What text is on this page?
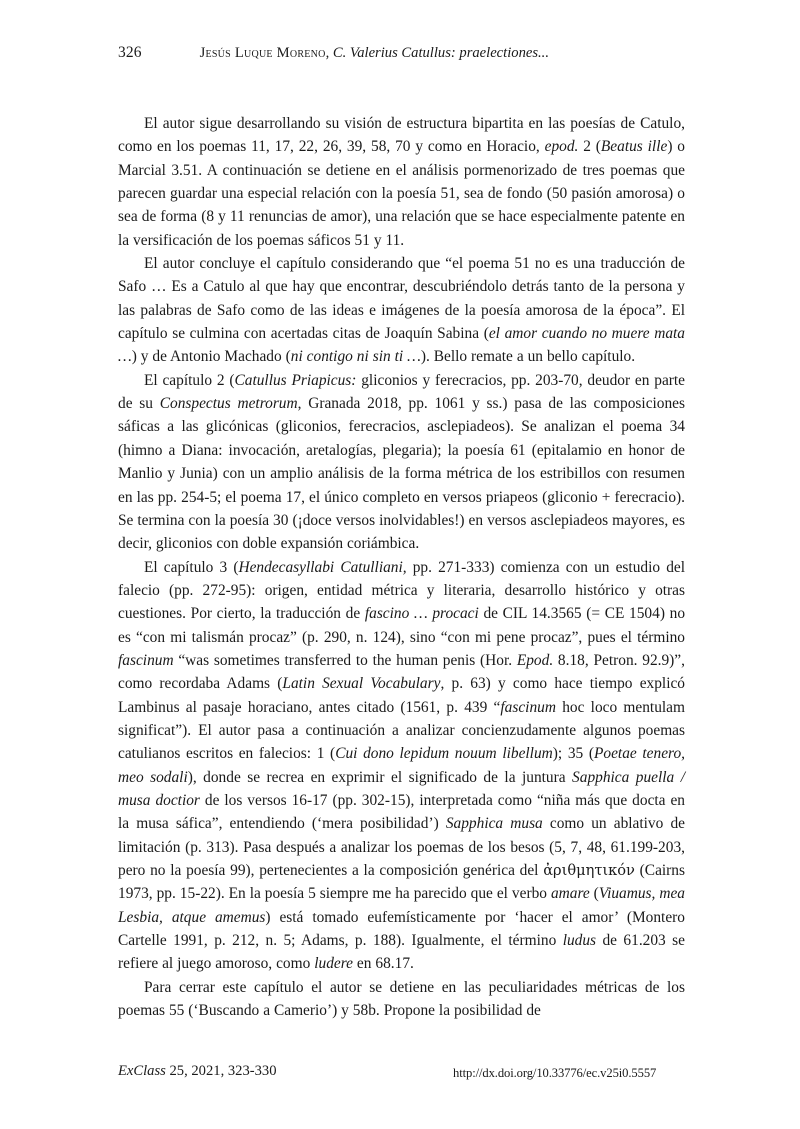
326	Jesús Luque Moreno, C. Valerius Catullus: praelectiones...

El autor sigue desarrollando su visión de estructura bipartita en las poesías de Catulo, como en los poemas 11, 17, 22, 26, 39, 58, 70 y como en Horacio, epod. 2 (Beatus ille) o Marcial 3.51. A continuación se detiene en el análisis pormenorizado de tres poemas que parecen guardar una especial relación con la poesía 51, sea de fondo (50 pasión amorosa) o sea de forma (8 y 11 renuncias de amor), una relación que se hace especialmente patente en la versificación de los poemas sáficos 51 y 11.

El autor concluye el capítulo considerando que “el poema 51 no es una traducción de Safo … Es a Catulo al que hay que encontrar, descubriéndolo detrás tanto de la persona y las palabras de Safo como de las ideas e imágenes de la poesía amorosa de la época”. El capítulo se culmina con acertadas citas de Joaquín Sabina (el amor cuando no muere mata …) y de Antonio Machado (ni contigo ni sin ti …). Bello remate a un bello capítulo.

El capítulo 2 (Catullus Priapicus: gliconios y ferecracios, pp. 203-70, deudor en parte de su Conspectus metrorum, Granada 2018, pp. 1061 y ss.) pasa de las composiciones sáficas a las glicónicas (gliconios, ferecracios, asclepiadeos). Se analizan el poema 34 (himno a Diana: invocación, aretalogías, plegaria); la poesía 61 (epitalamio en honor de Manlio y Junia) con un amplio análisis de la forma métrica de los estribillos con resumen en las pp. 254-5; el poema 17, el único completo en versos priapeos (gliconio + ferecracio). Se termina con la poesía 30 (¡doce versos inolvidables!) en versos asclepiadeos mayores, es decir, gliconios con doble expansión coriámbica.

El capítulo 3 (Hendecasyllabi Catulliani, pp. 271-333) comienza con un estudio del falecio (pp. 272-95): origen, entidad métrica y literaria, desarrollo histórico y otras cuestiones. Por cierto, la traducción de fascino … procaci de CIL 14.3565 (= CE 1504) no es “con mi talismán procaz” (p. 290, n. 124), sino “con mi pene procaz”, pues el término fascinum “was sometimes transferred to the human penis (Hor. Epod. 8.18, Petron. 92.9)”, como recordaba Adams (Latin Sexual Vocabulary, p. 63) y como hace tiempo explicó Lambinus al pasaje horaciano, antes citado (1561, p. 439 “fascinum hoc loco mentulam significat”). El autor pasa a continuación a analizar concienzudamente algunos poemas catulianos escritos en falecios: 1 (Cui dono lepidum nouum libellum); 35 (Poetae tenero, meo sodali), donde se recrea en exprimir el significado de la juntura Sapphica puella / musa doctior de los versos 16-17 (pp. 302-15), interpretada como “niña más que docta en la musa sáfica”, entendiendo (‘mera posibilidad’) Sapphica musa como un ablativo de limitación (p. 313). Pasa después a analizar los poemas de los besos (5, 7, 48, 61.199-203, pero no la poesía 99), pertenecientes a la composición genérica del ἀριθμητικόν (Cairns 1973, pp. 15-22). En la poesía 5 siempre me ha parecido que el verbo amare (Viuamus, mea Lesbia, atque amemus) está tomado eufemísticamente por ‘hacer el amor’ (Montero Cartelle 1991, p. 212, n. 5; Adams, p. 188). Igualmente, el término ludus de 61.203 se refiere al juego amoroso, como ludere en 68.17.

Para cerrar este capítulo el autor se detiene en las peculiaridades métricas de los poemas 55 (‘Buscando a Camerio’) y 58b. Propone la posibilidad de

ExClass 25, 2021, 323-330	http://dx.doi.org/10.33776/ec.v25i0.5557
